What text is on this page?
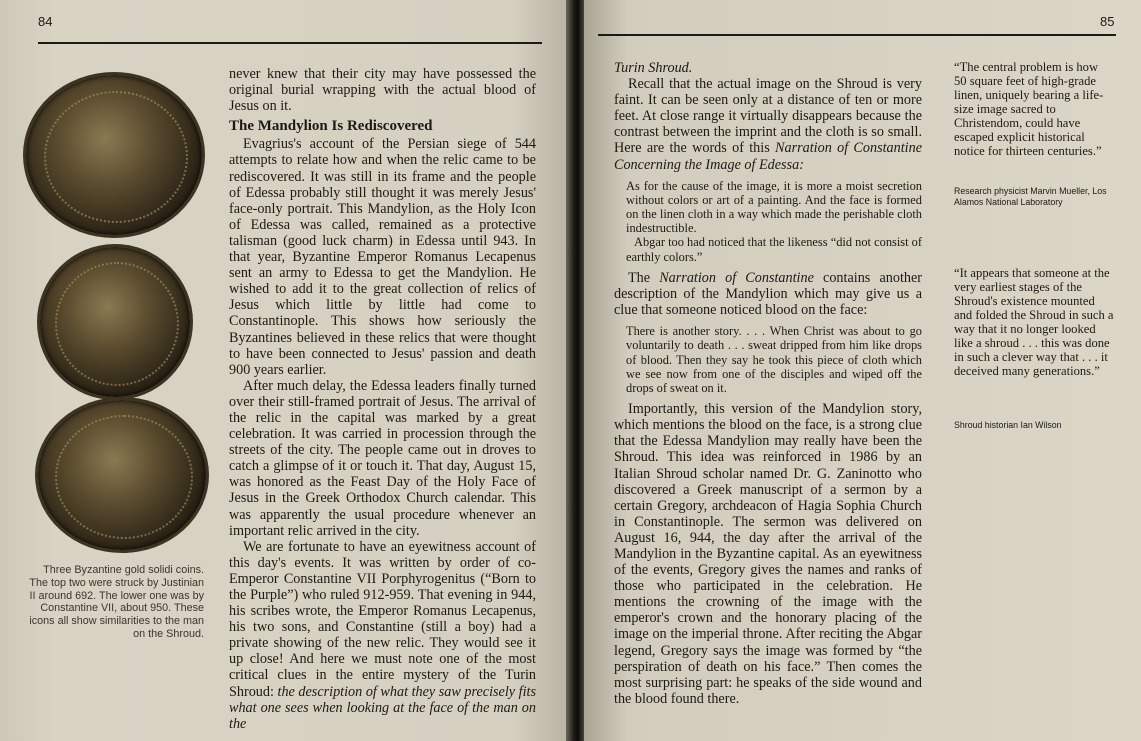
84
Three Byzantine gold solidi coins. The top two were struck by Justinian II around 692. The lower one was by Constantine VII, about 950. These icons all show similarities to the man on the Shroud.

never knew that their city may have possessed the original burial wrapping with the actual blood of Jesus on it.

The Mandylion Is Rediscovered

Evagrius's account of the Persian siege of 544 attempts to relate how and when the relic came to be rediscovered. It was still in its frame and the people of Edessa probably still thought it was merely Jesus' face-only portrait. This Mandylion, as the Holy Icon of Edessa was called, remained as a protective talisman (good luck charm) in Edessa until 943. In that year, Byzantine Emperor Romanus Lecapenus sent an army to Edessa to get the Mandylion. He wished to add it to the great collection of relics of Jesus which little by little had come to Constantinople. This shows how seriously the Byzantines believed in these relics that were thought to have been connected to Jesus' passion and death 900 years earlier.

After much delay, the Edessa leaders finally turned over their still-framed portrait of Jesus. The arrival of the relic in the capital was marked by a great celebration. It was carried in procession through the streets of the city. The people came out in droves to catch a glimpse of it or touch it. That day, August 15, was honored as the Feast Day of the Holy Face of Jesus in the Greek Orthodox Church calendar. This was apparently the usual procedure whenever an important relic arrived in the city.

We are fortunate to have an eyewitness account of this day's events. It was written by order of co-Emperor Constantine VII Porphyrogenitus (“Born to the Purple”) who ruled 912-959. That evening in 944, his scribes wrote, the Emperor Romanus Lecapenus, his two sons, and Constantine (still a boy) had a private showing of the new relic. They would see it up close! And here we must note one of the most critical clues in the entire mystery of the Turin Shroud: the description of what they saw precisely fits what one sees when looking at the face of the man on the

85

Turin Shroud.

Recall that the actual image on the Shroud is very faint. It can be seen only at a distance of ten or more feet. At close range it virtually disappears because the contrast between the imprint and the cloth is so small. Here are the words of this Narration of Constantine Concerning the Image of Edessa:

As for the cause of the image, it is more a moist secretion without colors or art of a painting. And the face is formed on the linen cloth in a way which made the perishable cloth indestructible.

Abgar too had noticed that the likeness “did not consist of earthly colors.”

The Narration of Constantine contains another description of the Mandylion which may give us a clue that someone noticed blood on the face:

There is another story. . . . When Christ was about to go voluntarily to death . . . sweat dripped from him like drops of blood. Then they say he took this piece of cloth which we see now from one of the disciples and wiped off the drops of sweat on it.

Importantly, this version of the Mandylion story, which mentions the blood on the face, is a strong clue that the Edessa Mandylion may really have been the Shroud. This idea was reinforced in 1986 by an Italian Shroud scholar named Dr. G. Zaninotto who discovered a Greek manuscript of a sermon by a certain Gregory, archdeacon of Hagia Sophia Church in Constantinople. The sermon was delivered on August 16, 944, the day after the arrival of the Mandylion in the Byzantine capital. As an eyewitness of the events, Gregory gives the names and ranks of those who participated in the celebration. He mentions the crowning of the image with the emperor's crown and the honorary placing of the image on the imperial throne. After reciting the Abgar legend, Gregory says the image was formed by “the perspiration of death on his face.” Then comes the most surprising part: he speaks of the side wound and the blood found there.

“The central problem is how 50 square feet of high-grade linen, uniquely bearing a life-size image sacred to Christendom, could have escaped explicit historical notice for thirteen centuries.”
Research physicist Marvin Mueller, Los Alamos National Laboratory
“It appears that someone at the very earliest stages of the Shroud's existence mounted and folded the Shroud in such a way that it no longer looked like a shroud . . . this was done in such a clever way that . . . it deceived many generations.”
Shroud historian Ian Wilson
